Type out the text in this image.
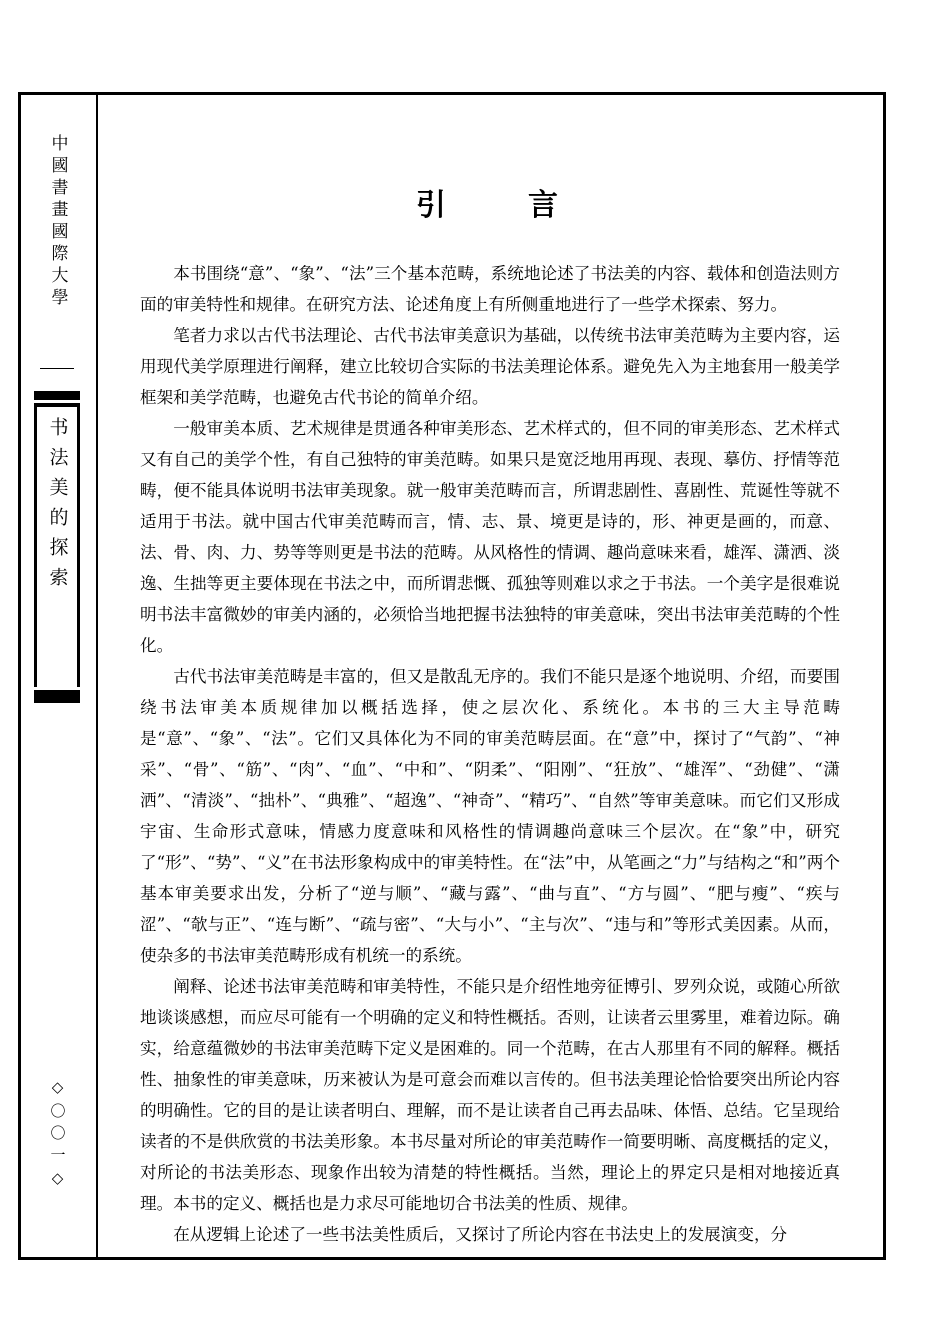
中國書畫國際大學
书法美的探索
◇〇〇一◇
引　言

本书围绕“意”、“象”、“法”三个基本范畴，系统地论述了书法美的内容、载体和创造法则方面的审美特性和规律。在研究方法、论述角度上有所侧重地进行了一些学术探索、努力。

笔者力求以古代书法理论、古代书法审美意识为基础，以传统书法审美范畴为主要内容，运用现代美学原理进行阐释，建立比较切合实际的书法美理论体系。避免先入为主地套用一般美学框架和美学范畴，也避免古代书论的简单介绍。

一般审美本质、艺术规律是贯通各种审美形态、艺术样式的，但不同的审美形态、艺术样式又有自己的美学个性，有自己独特的审美范畴。如果只是宽泛地用再现、表现、摹仿、抒情等范畴，便不能具体说明书法审美现象。就一般审美范畴而言，所谓悲剧性、喜剧性、荒诞性等就不适用于书法。就中国古代审美范畴而言，情、志、景、境更是诗的，形、神更是画的，而意、法、骨、肉、力、势等等则更是书法的范畴。从风格性的情调、趣尚意味来看，雄浑、潇洒、淡逸、生拙等更主要体现在书法之中，而所谓悲慨、孤独等则难以求之于书法。一个美字是很难说明书法丰富微妙的审美内涵的，必须恰当地把握书法独特的审美意味，突出书法审美范畴的个性化。

古代书法审美范畴是丰富的，但又是散乱无序的。我们不能只是逐个地说明、介绍，而要围绕书法审美本质规律加以概括选择，使之层次化、系统化。本书的三大主导范畴是“意”、“象”、“法”。它们又具体化为不同的审美范畴层面。在“意”中，探讨了“气韵”、“神采”、“骨”、“筋”、“肉”、“血”、“中和”、“阴柔”、“阳刚”、“狂放”、“雄浑”、“劲健”、“潇洒”、“清淡”、“拙朴”、“典雅”、“超逸”、“神奇”、“精巧”、“自然”等审美意味。而它们又形成宇宙、生命形式意味，情感力度意味和风格性的情调趣尚意味三个层次。在“象”中，研究了“形”、“势”、“义”在书法形象构成中的审美特性。在“法”中，从笔画之“力”与结构之“和”两个基本审美要求出发，分析了“逆与顺”、“藏与露”、“曲与直”、“方与圆”、“肥与瘦”、“疾与涩”、“欹与正”、“连与断”、“疏与密”、“大与小”、“主与次”、“违与和”等形式美因素。从而，使杂多的书法审美范畴形成有机统一的系统。

阐释、论述书法审美范畴和审美特性，不能只是介绍性地旁征博引、罗列众说，或随心所欲地谈谈感想，而应尽可能有一个明确的定义和特性概括。否则，让读者云里雾里，难着边际。确实，给意蕴微妙的书法审美范畴下定义是困难的。同一个范畴，在古人那里有不同的解释。概括性、抽象性的审美意味，历来被认为是可意会而难以言传的。但书法美理论恰恰要突出所论内容的明确性。它的目的是让读者明白、理解，而不是让读者自己再去品味、体悟、总结。它呈现给读者的不是供欣赏的书法美形象。本书尽量对所论的审美范畴作一简要明晰、高度概括的定义，对所论的书法美形态、现象作出较为清楚的特性概括。当然，理论上的界定只是相对地接近真理。本书的定义、概括也是力求尽可能地切合书法美的性质、规律。

在从逻辑上论述了一些书法美性质后，又探讨了所论内容在书法史上的发展演变，分
